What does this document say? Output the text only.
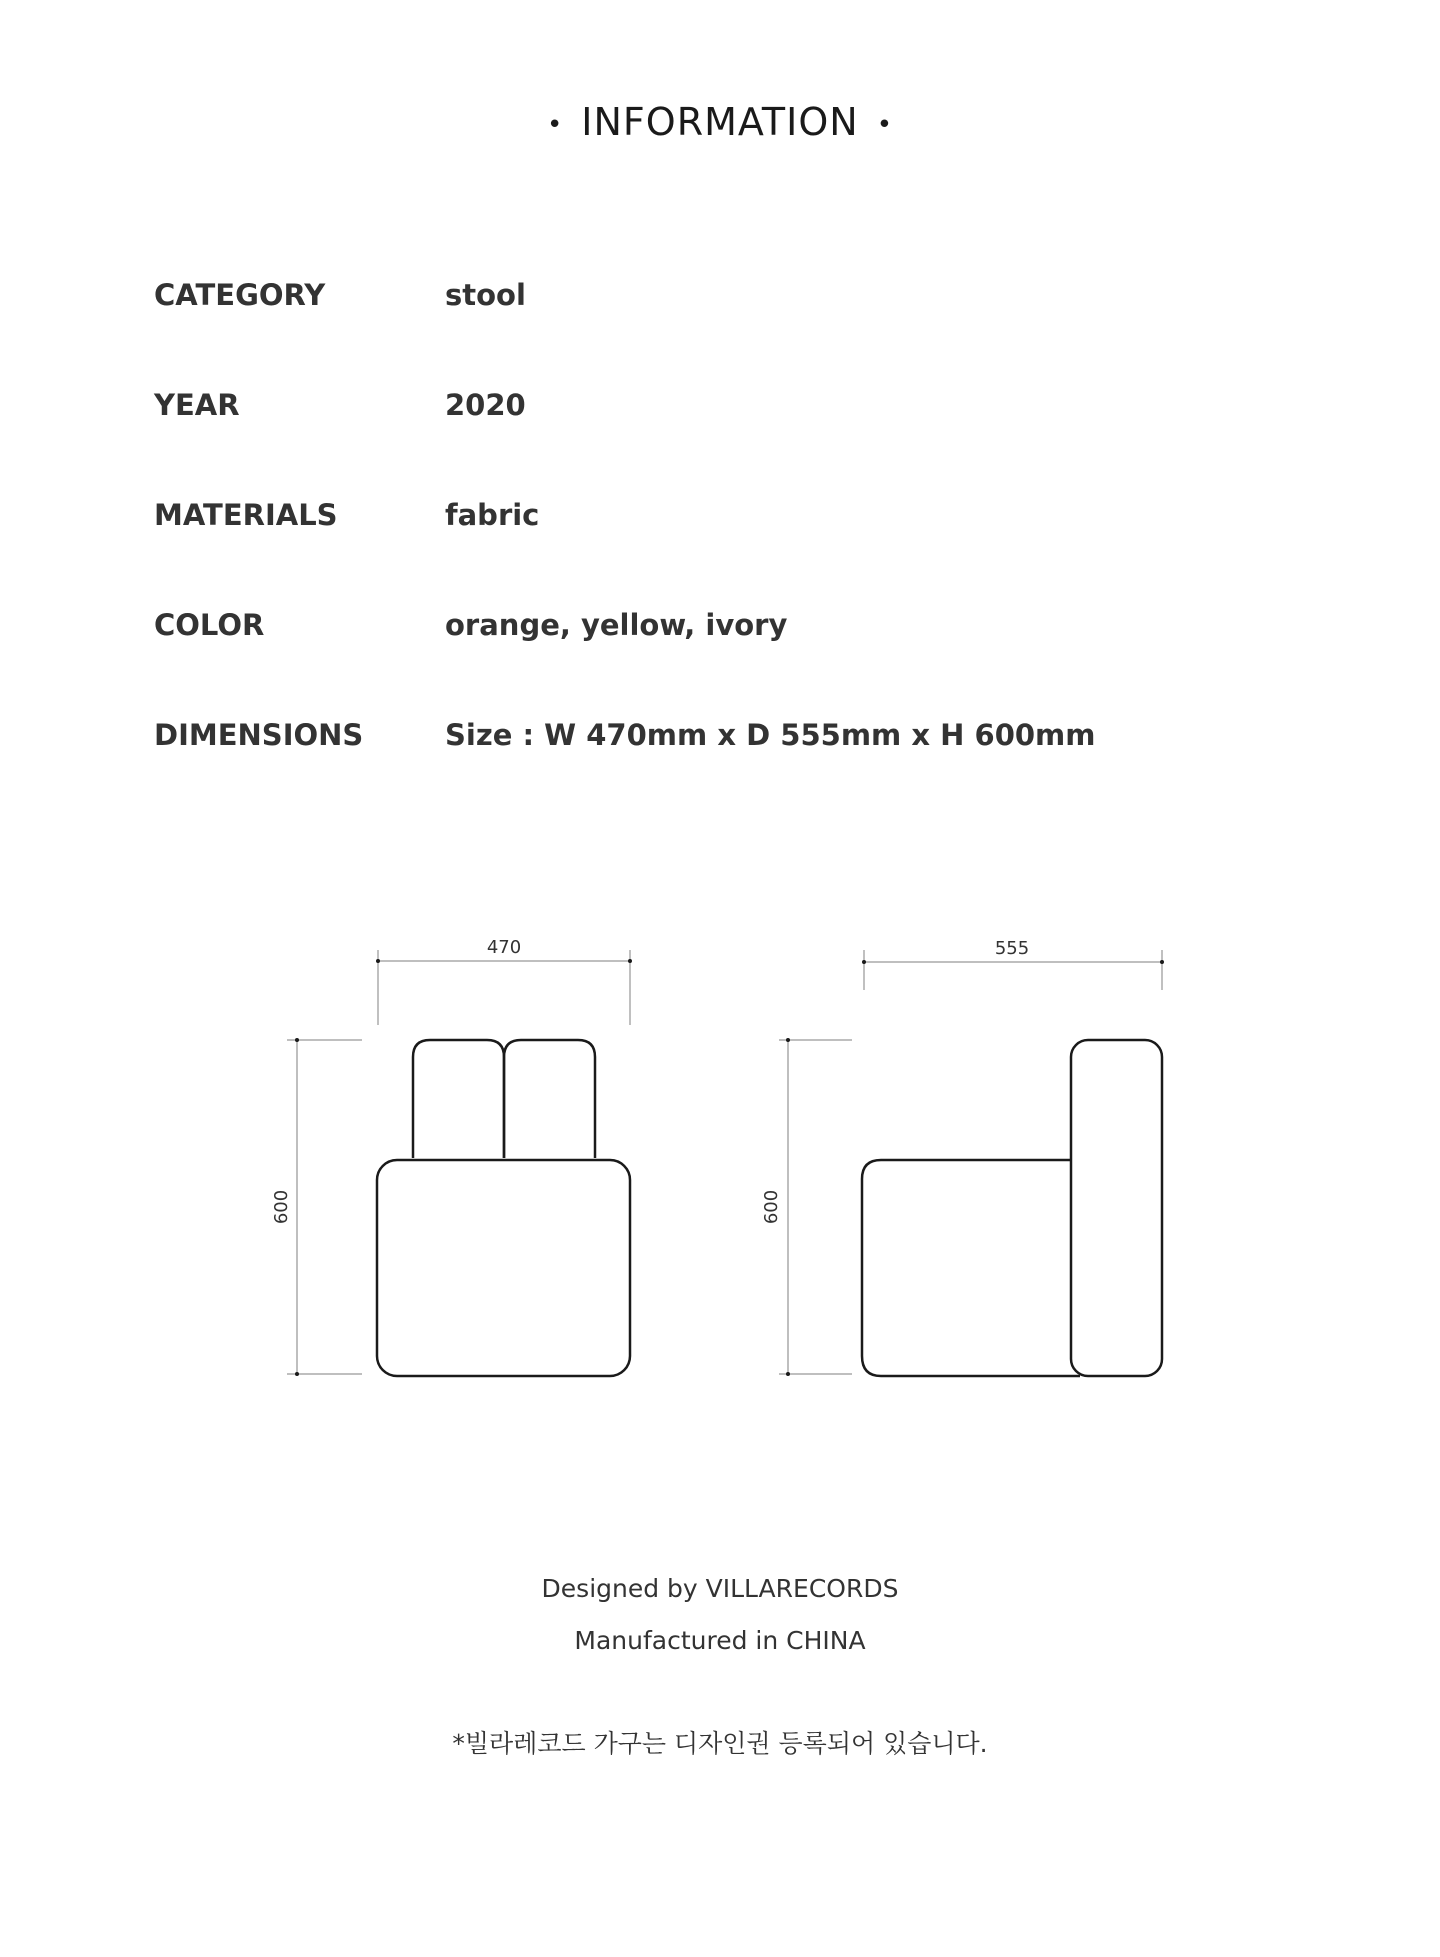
• INFORMATION •
CATEGORY	stool
YEAR	2020
MATERIALS	fabric
COLOR	orange, yellow, ivory
DIMENSIONS	Size : W 470mm x D 555mm x H 600mm
470
600
555
600
Designed by VILLARECORDS
Manufactured in CHINA
*빌라레코드 가구는 디자인권 등록되어 있습니다.
